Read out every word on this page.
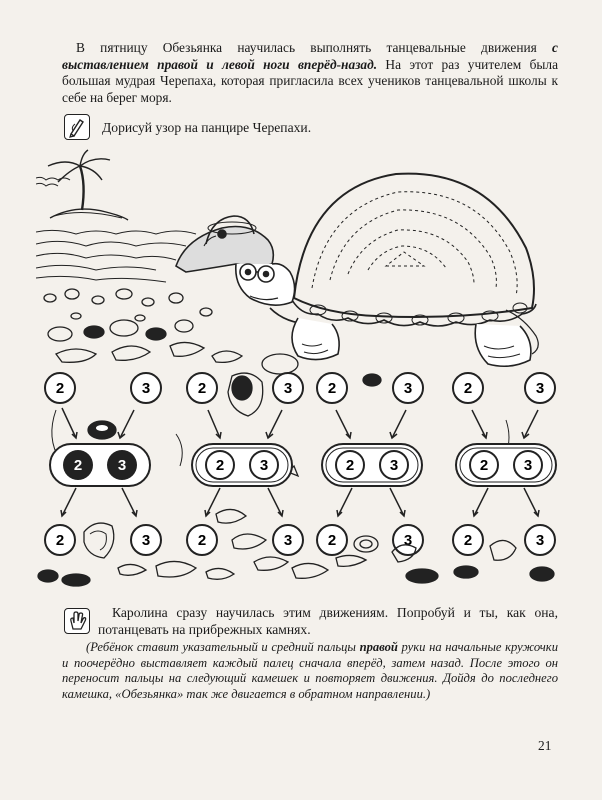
В пятницу Обезьянка научилась выполнять танцевальные движения с выставлением правой и левой ноги вперёд-назад. На этот раз учителем была большая мудрая Черепаха, которая пригласила всех учеников танцевальной школы к себе на берег моря.

Дорисуй узор на панцире Черепахи.

2	3	2	3 2	3	2	3
2 3	2 3	2 3	2 3
2	3	2	3 2	3	2	3

Каролина сразу научилась этим движениям. Попробуй и ты, как она, потанцевать на прибрежных камнях.

(Ребёнок ставит указательный и средний пальцы правой руки на начальные кружочки и поочерёдно выставляет каждый палец сначала вперёд, затем назад. После этого он переносит пальцы на следующий камешек и повторяет движения. Дойдя до последнего камешка, «Обезьянка» так же двигается в обратном направлении.)

21
